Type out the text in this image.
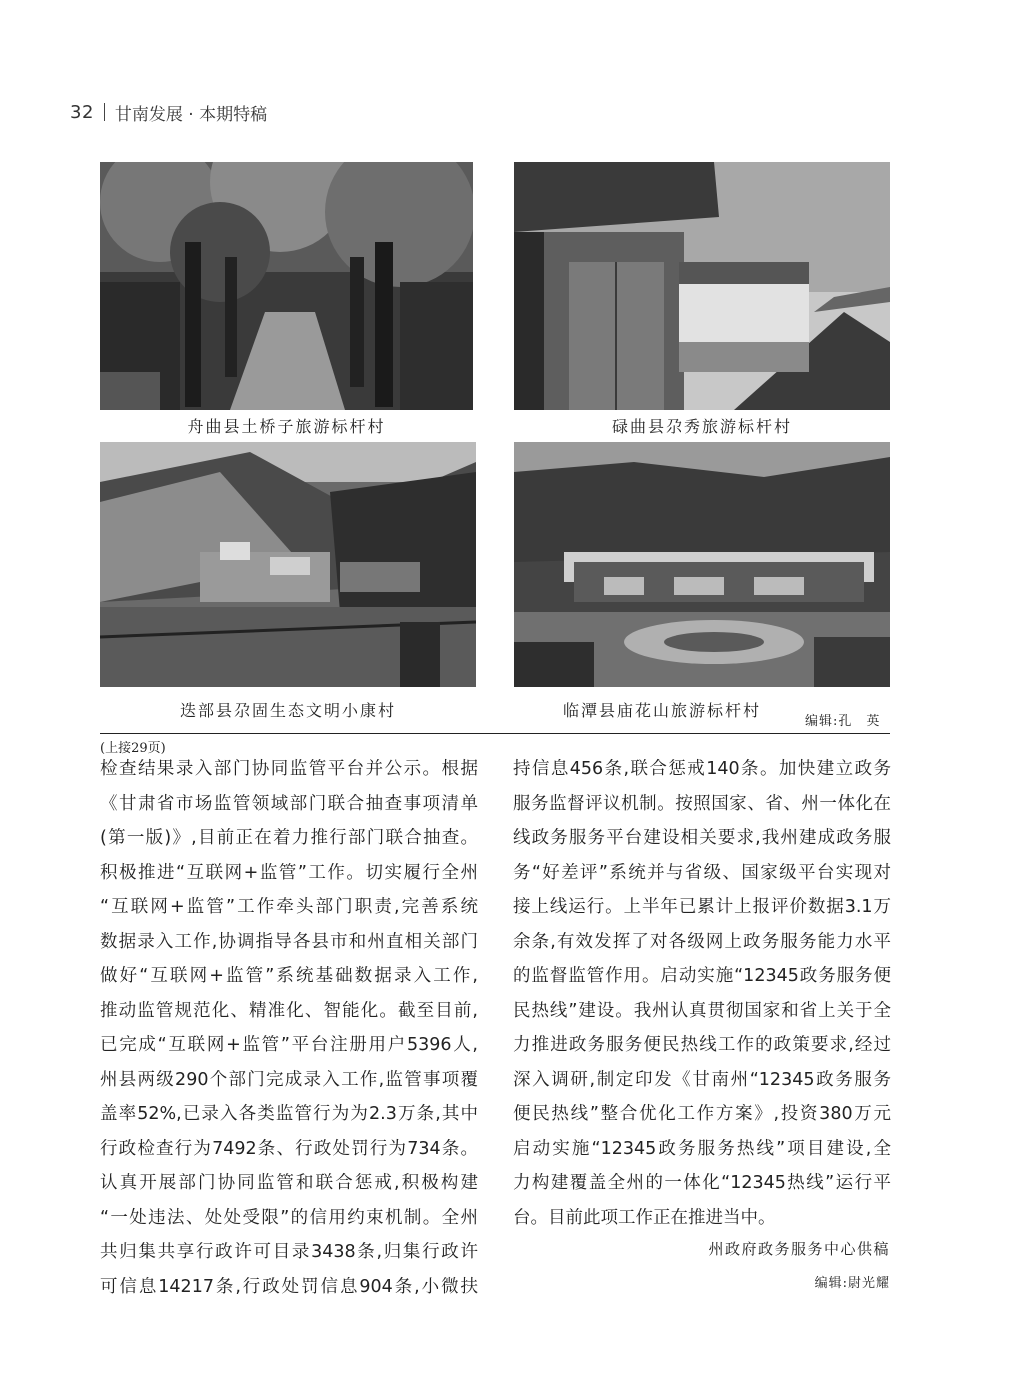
32 甘南发展 · 本期特稿
舟曲县土桥子旅游标杆村	碌曲县尕秀旅游标杆村
迭部县尕固生态文明小康村	临潭县庙花山旅游标杆村
编辑:孔　英
(上接29页)
检查结果录入部门协同监管平台并公示。根据
《甘肃省市场监管领域部门联合抽查事项清单
(第一版)》,目前正在着力推行部门联合抽查。
积极推进“互联网+监管”工作。切实履行全州
“互联网+监管”工作牵头部门职责,完善系统
数据录入工作,协调指导各县市和州直相关部门
做好“互联网+监管”系统基础数据录入工作,
推动监管规范化、精准化、智能化。截至目前,
已完成“互联网+监管”平台注册用户5396人,
州县两级290个部门完成录入工作,监管事项覆
盖率52%,已录入各类监管行为为2.3万条,其中
行政检查行为7492条、行政处罚行为734条。
认真开展部门协同监管和联合惩戒,积极构建
“一处违法、处处受限”的信用约束机制。全州
共归集共享行政许可目录3438条,归集行政许
可信息14217条,行政处罚信息904条,小微扶
持信息456条,联合惩戒140条。加快建立政务
服务监督评议机制。按照国家、省、州一体化在
线政务服务平台建设相关要求,我州建成政务服
务“好差评”系统并与省级、国家级平台实现对
接上线运行。上半年已累计上报评价数据3.1万
余条,有效发挥了对各级网上政务服务能力水平
的监督监管作用。启动实施“12345政务服务便
民热线”建设。我州认真贯彻国家和省上关于全
力推进政务服务便民热线工作的政策要求,经过
深入调研,制定印发《甘南州“12345政务服务
便民热线”整合优化工作方案》,投资380万元
启动实施“12345政务服务热线”项目建设,全
力构建覆盖全州的一体化“12345热线”运行平
台。目前此项工作正在推进当中。
州政府政务服务中心供稿
编辑:尉光耀
